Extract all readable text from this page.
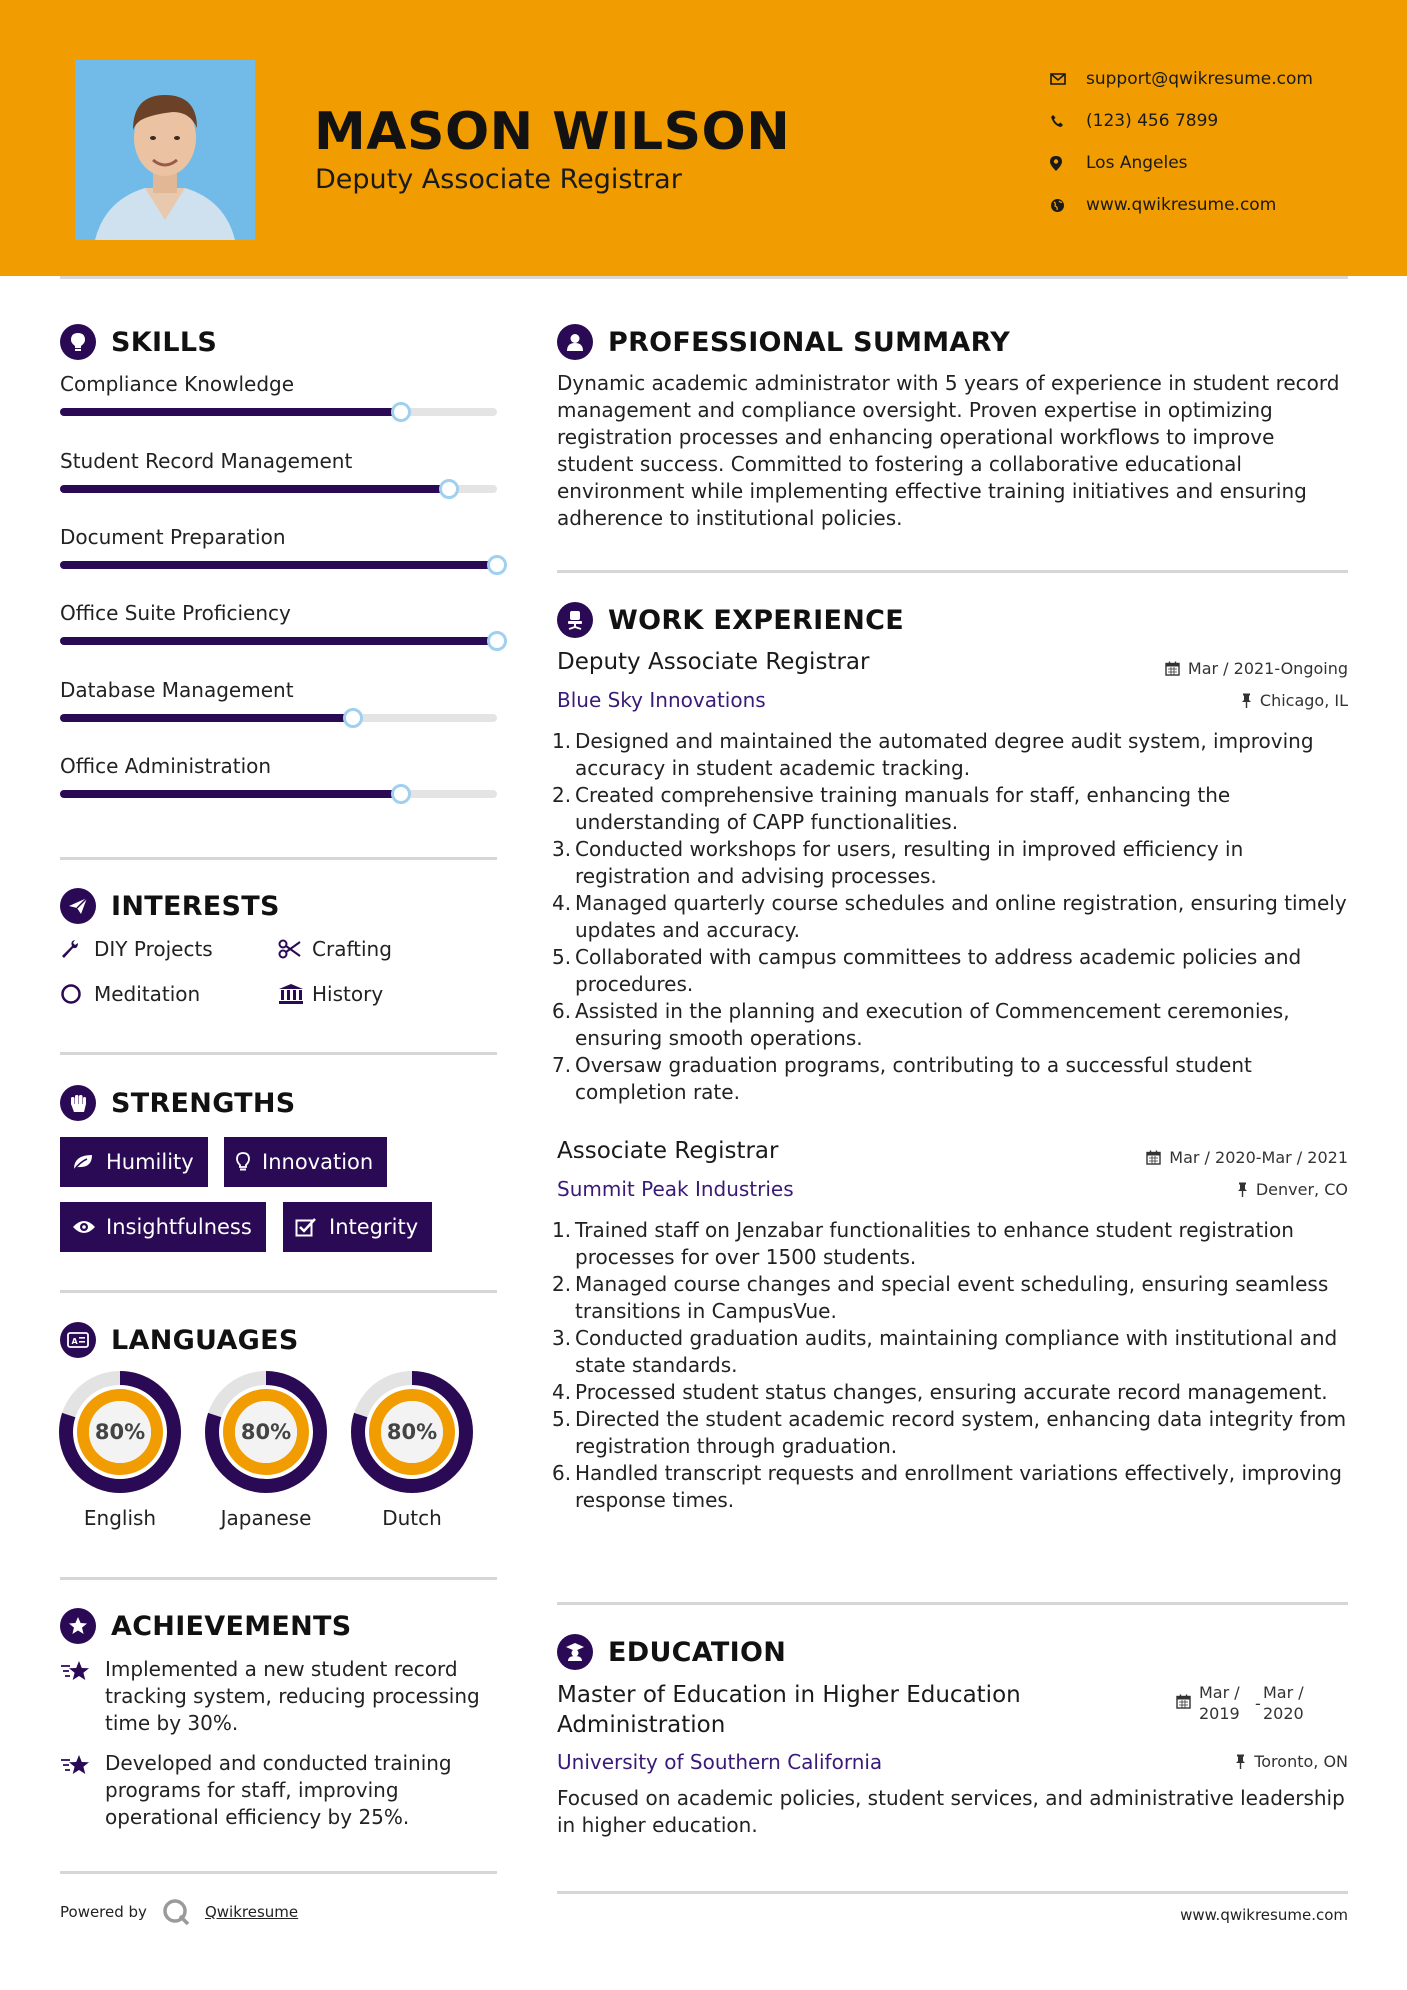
MASON WILSON
Deputy Associate Registrar
support@qwikresume.com
(123) 456 7899
Los Angeles
www.qwikresume.com
SKILLS
Compliance Knowledge
Student Record Management
Document Preparation
Office Suite Proficiency
Database Management
Office Administration
INTERESTS
DIY Projects	Crafting
Meditation	History
STRENGTHS
Humility	Innovation
Insightfulness	Integrity
A LANGUAGES
80%
English
80%
Japanese
80%
Dutch
ACHIEVEMENTS
Implemented a new student record tracking system, reducing processing time by 30%.
Developed and conducted training programs for staff, improving operational efficiency by 25%.
PROFESSIONAL SUMMARY
Dynamic academic administrator with 5 years of experience in student record management and compliance oversight. Proven expertise in optimizing registration processes and enhancing operational workflows to improve student success. Committed to fostering a collaborative educational environment while implementing effective training initiatives and ensuring adherence to institutional policies.
WORK EXPERIENCE
Deputy Associate Registrar	Mar / 2021-Ongoing
Blue Sky Innovations	Chicago, IL
1. Designed and maintained the automated degree audit system, improving accuracy in student academic tracking.
2. Created comprehensive training manuals for staff, enhancing the understanding of CAPP functionalities.
3. Conducted workshops for users, resulting in improved efficiency in registration and advising processes.
4. Managed quarterly course schedules and online registration, ensuring timely updates and accuracy.
5. Collaborated with campus committees to address academic policies and procedures.
6. Assisted in the planning and execution of Commencement ceremonies, ensuring smooth operations.
7. Oversaw graduation programs, contributing to a successful student completion rate.
Associate Registrar	Mar / 2020-Mar / 2021
Summit Peak Industries	Denver, CO
1. Trained staff on Jenzabar functionalities to enhance student registration processes for over 1500 students.
2. Managed course changes and special event scheduling, ensuring seamless transitions in CampusVue.
3. Conducted graduation audits, maintaining compliance with institutional and state standards.
4. Processed student status changes, ensuring accurate record management.
5. Directed the student academic record system, enhancing data integrity from registration through graduation.
6. Handled transcript requests and enrollment variations effectively, improving response times.
EDUCATION
Master of Education in Higher Education Administration
Mar / 2019
-
Mar / 2020
University of Southern California	Toronto, ON
Focused on academic policies, student services, and administrative leadership in higher education.
Powered by	Qwikresume	www.qwikresume.com
